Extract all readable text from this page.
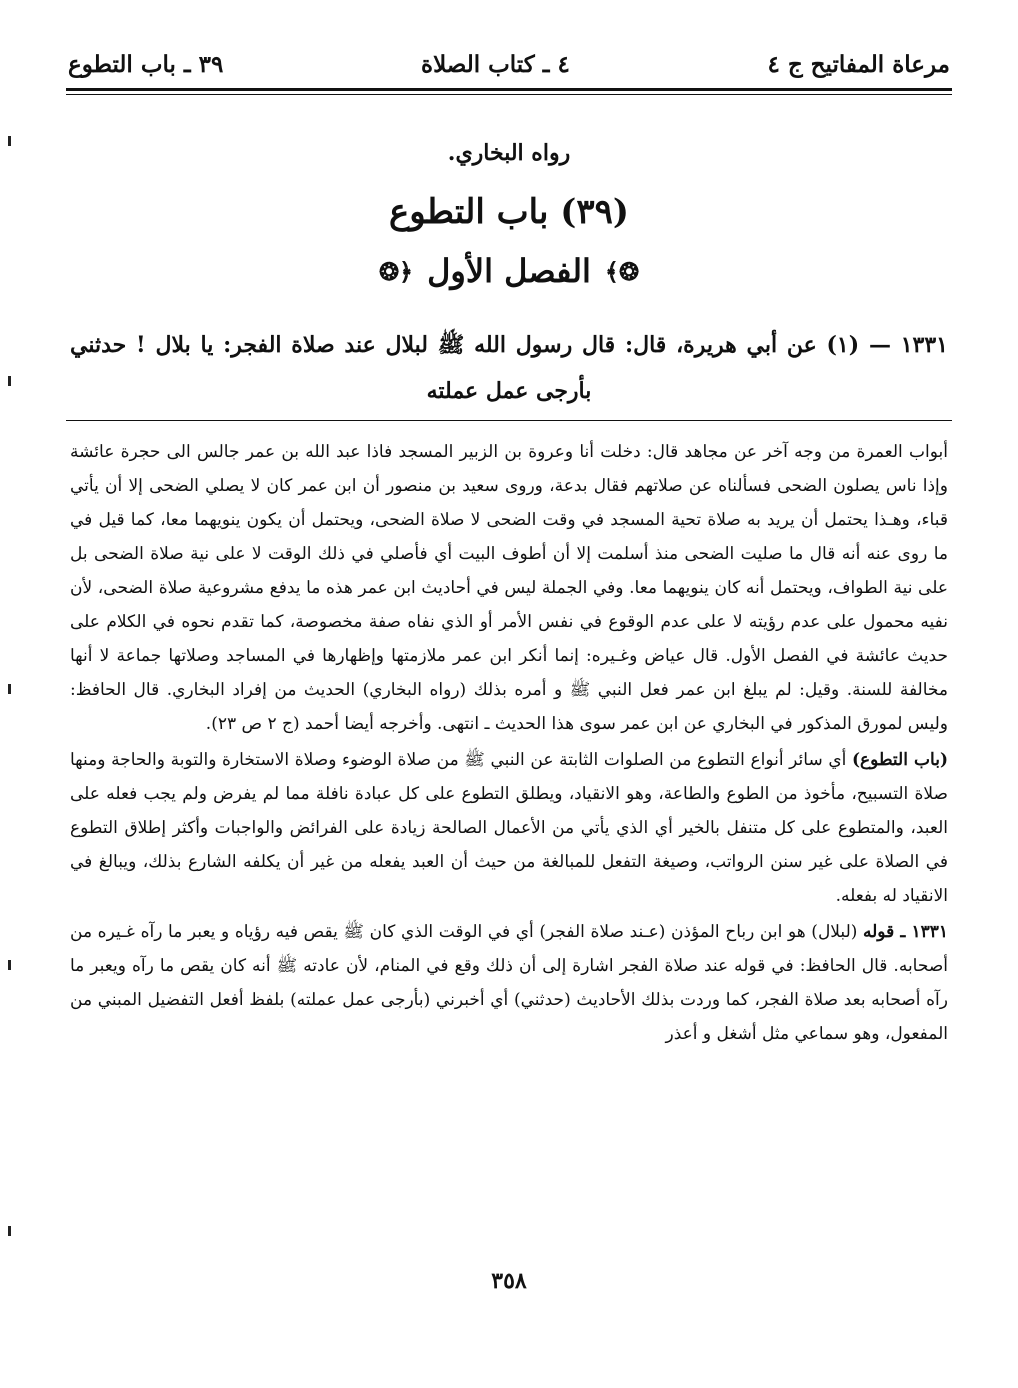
مرعاة المفاتيح ج ٤
٤ ـ كتاب الصلاة
٣٩ ـ باب التطوع
رواه البخاري.
(٣٩) باب التطوع
❂﴾
الفصل الأول
﴿❂
١٣٣١ — (١) عن أبي هريرة، قال: قال رسول الله ﷺ لبلال عند صلاة الفجر: يا بلال ! حدثني بأرجى عمل عملته

أبواب العمرة من وجه آخر عن مجاهد قال: دخلت أنا وعروة بن الزبير المسجد فاذا عبد الله بن عمر جالس الى حجرة عائشة وإذا ناس يصلون الضحى فسألناه عن صلاتهم فقال بدعة، وروى سعيد بن منصور أن ابن عمر كان لا يصلي الضحى إلا أن يأتي قباء، وهـذا يحتمل أن يريد به صلاة تحية المسجد في وقت الضحى لا صلاة الضحى، ويحتمل أن يكون ينويهما معا، كما قيل في ما روى عنه أنه قال ما صليت الضحى منذ أسلمت إلا أن أطوف البيت أي فأصلي في ذلك الوقت لا على نية صلاة الضحى بل على نية الطواف، ويحتمل أنه كان ينويهما معا. وفي الجملة ليس في أحاديث ابن عمر هذه ما يدفع مشروعية صلاة الضحى، لأن نفيه محمول على عدم رؤيته لا على عدم الوقوع في نفس الأمر أو الذي نفاه صفة مخصوصة، كما تقدم نحوه في الكلام على حديث عائشة في الفصل الأول. قال عياض وغـيره: إنما أنكر ابن عمر ملازمتها وإظهارها في المساجد وصلاتها جماعة لا أنها مخالفة للسنة. وقيل: لم يبلغ ابن عمر فعل النبي ﷺ و أمره بذلك (رواه البخاري) الحديث من إفراد البخاري. قال الحافظ: وليس لمورق المذكور في البخاري عن ابن عمر سوى هذا الحديث ـ انتهى. وأخرجه أيضا أحمد (ج ٢ ص ٢٣).

(باب التطوع) أي سائر أنواع التطوع من الصلوات الثابتة عن النبي ﷺ من صلاة الوضوء وصلاة الاستخارة والتوبة والحاجة ومنها صلاة التسبيح، مأخوذ من الطوع والطاعة، وهو الانقياد، ويطلق التطوع على كل عبادة نافلة مما لم يفرض ولم يجب فعله على العبد، والمتطوع على كل متنفل بالخير أي الذي يأتي من الأعمال الصالحة زيادة على الفرائض والواجبات وأكثر إطلاق التطوع في الصلاة على غير سنن الرواتب، وصيغة التفعل للمبالغة من حيث أن العبد يفعله من غير أن يكلفه الشارع بذلك، ويبالغ في الانقياد له بفعله.

١٣٣١ ـ قوله (لبلال) هو ابن رباح المؤذن (عـند صلاة الفجر) أي في الوقت الذي كان ﷺ يقص فيه رؤياه و يعبر ما رآه غـيره من أصحابه. قال الحافظ: في قوله عند صلاة الفجر اشارة إلى أن ذلك وقع في المنام، لأن عادته ﷺ أنه كان يقص ما رآه ويعبر ما رآه أصحابه بعد صلاة الفجر، كما وردت بذلك الأحاديث (حدثني) أي أخبرني (بأرجى عمل عملته) بلفظ أفعل التفضيل المبني من المفعول، وهو سماعي مثل أشغل و أعذر

٣٥٨
